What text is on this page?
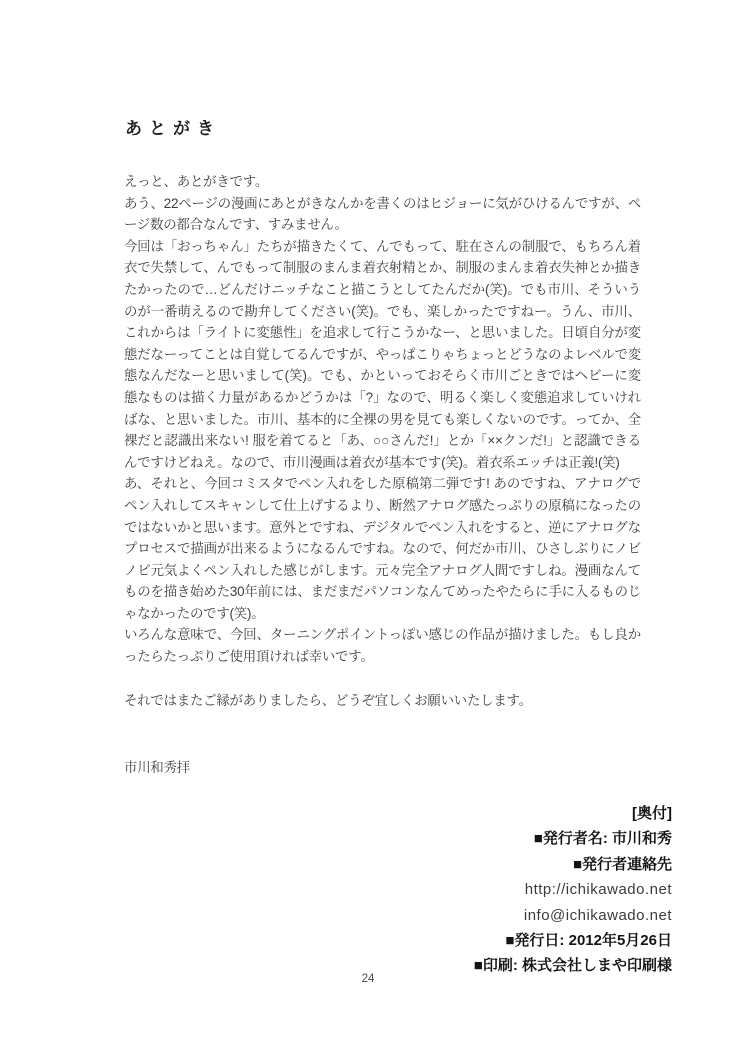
あとがき

えっと、あとがきです。

あう、22ページの漫画にあとがきなんかを書くのはヒジョーに気がひけるんですが、ページ数の都合なんです、すみません。

今回は「おっちゃん」たちが描きたくて、んでもって、駐在さんの制服で、もちろん着衣で失禁して、んでもって制服のまんま着衣射精とか、制服のまんま着衣失神とか描きたかったので…どんだけニッチなこと描こうとしてたんだか(笑)。でも市川、そういうのが一番萌えるので勘弁してください(笑)。でも、楽しかったですねー。うん、市川、これからは「ライトに変態性」を追求して行こうかなー、と思いました。日頃自分が変態だなーってことは自覚してるんですが、やっぱこりゃちょっとどうなのよレベルで変態なんだなーと思いまして(笑)。でも、かといっておそらく市川ごときではヘビーに変態なものは描く力量があるかどうかは「?」なので、明るく楽しく変態追求していければな、と思いました。市川、基本的に全裸の男を見ても楽しくないのです。ってか、全裸だと認識出来ない! 服を着てると「あ、○○さんだ!」とか「××クンだ!」と認識できるんですけどねえ。なので、市川漫画は着衣が基本です(笑)。着衣系エッチは正義!(笑)

あ、それと、今回コミスタでペン入れをした原稿第二弾です! あのですね、アナログでペン入れしてスキャンして仕上げするより、断然アナログ感たっぷりの原稿になったのではないかと思います。意外とですね、デジタルでペン入れをすると、逆にアナログなプロセスで描画が出来るようになるんですね。なので、何だか市川、ひさしぶりにノビノビ元気よくペン入れした感じがします。元々完全アナログ人間ですしね。漫画なんてものを描き始めた30年前には、まだまだパソコンなんてめったやたらに手に入るものじゃなかったのです(笑)。

いろんな意味で、今回、ターニングポイントっぽい感じの作品が描けました。もし良かったらたっぷりご使用頂ければ幸いです。

それではまたご縁がありましたら、どうぞ宜しくお願いいたします。

市川和秀拝

[奥付]
■発行者名: 市川和秀
■発行者連絡先
http://ichikawado.net
info@ichikawado.net
■発行日: 2012年5月26日
■印刷: 株式会社しまや印刷様
24
